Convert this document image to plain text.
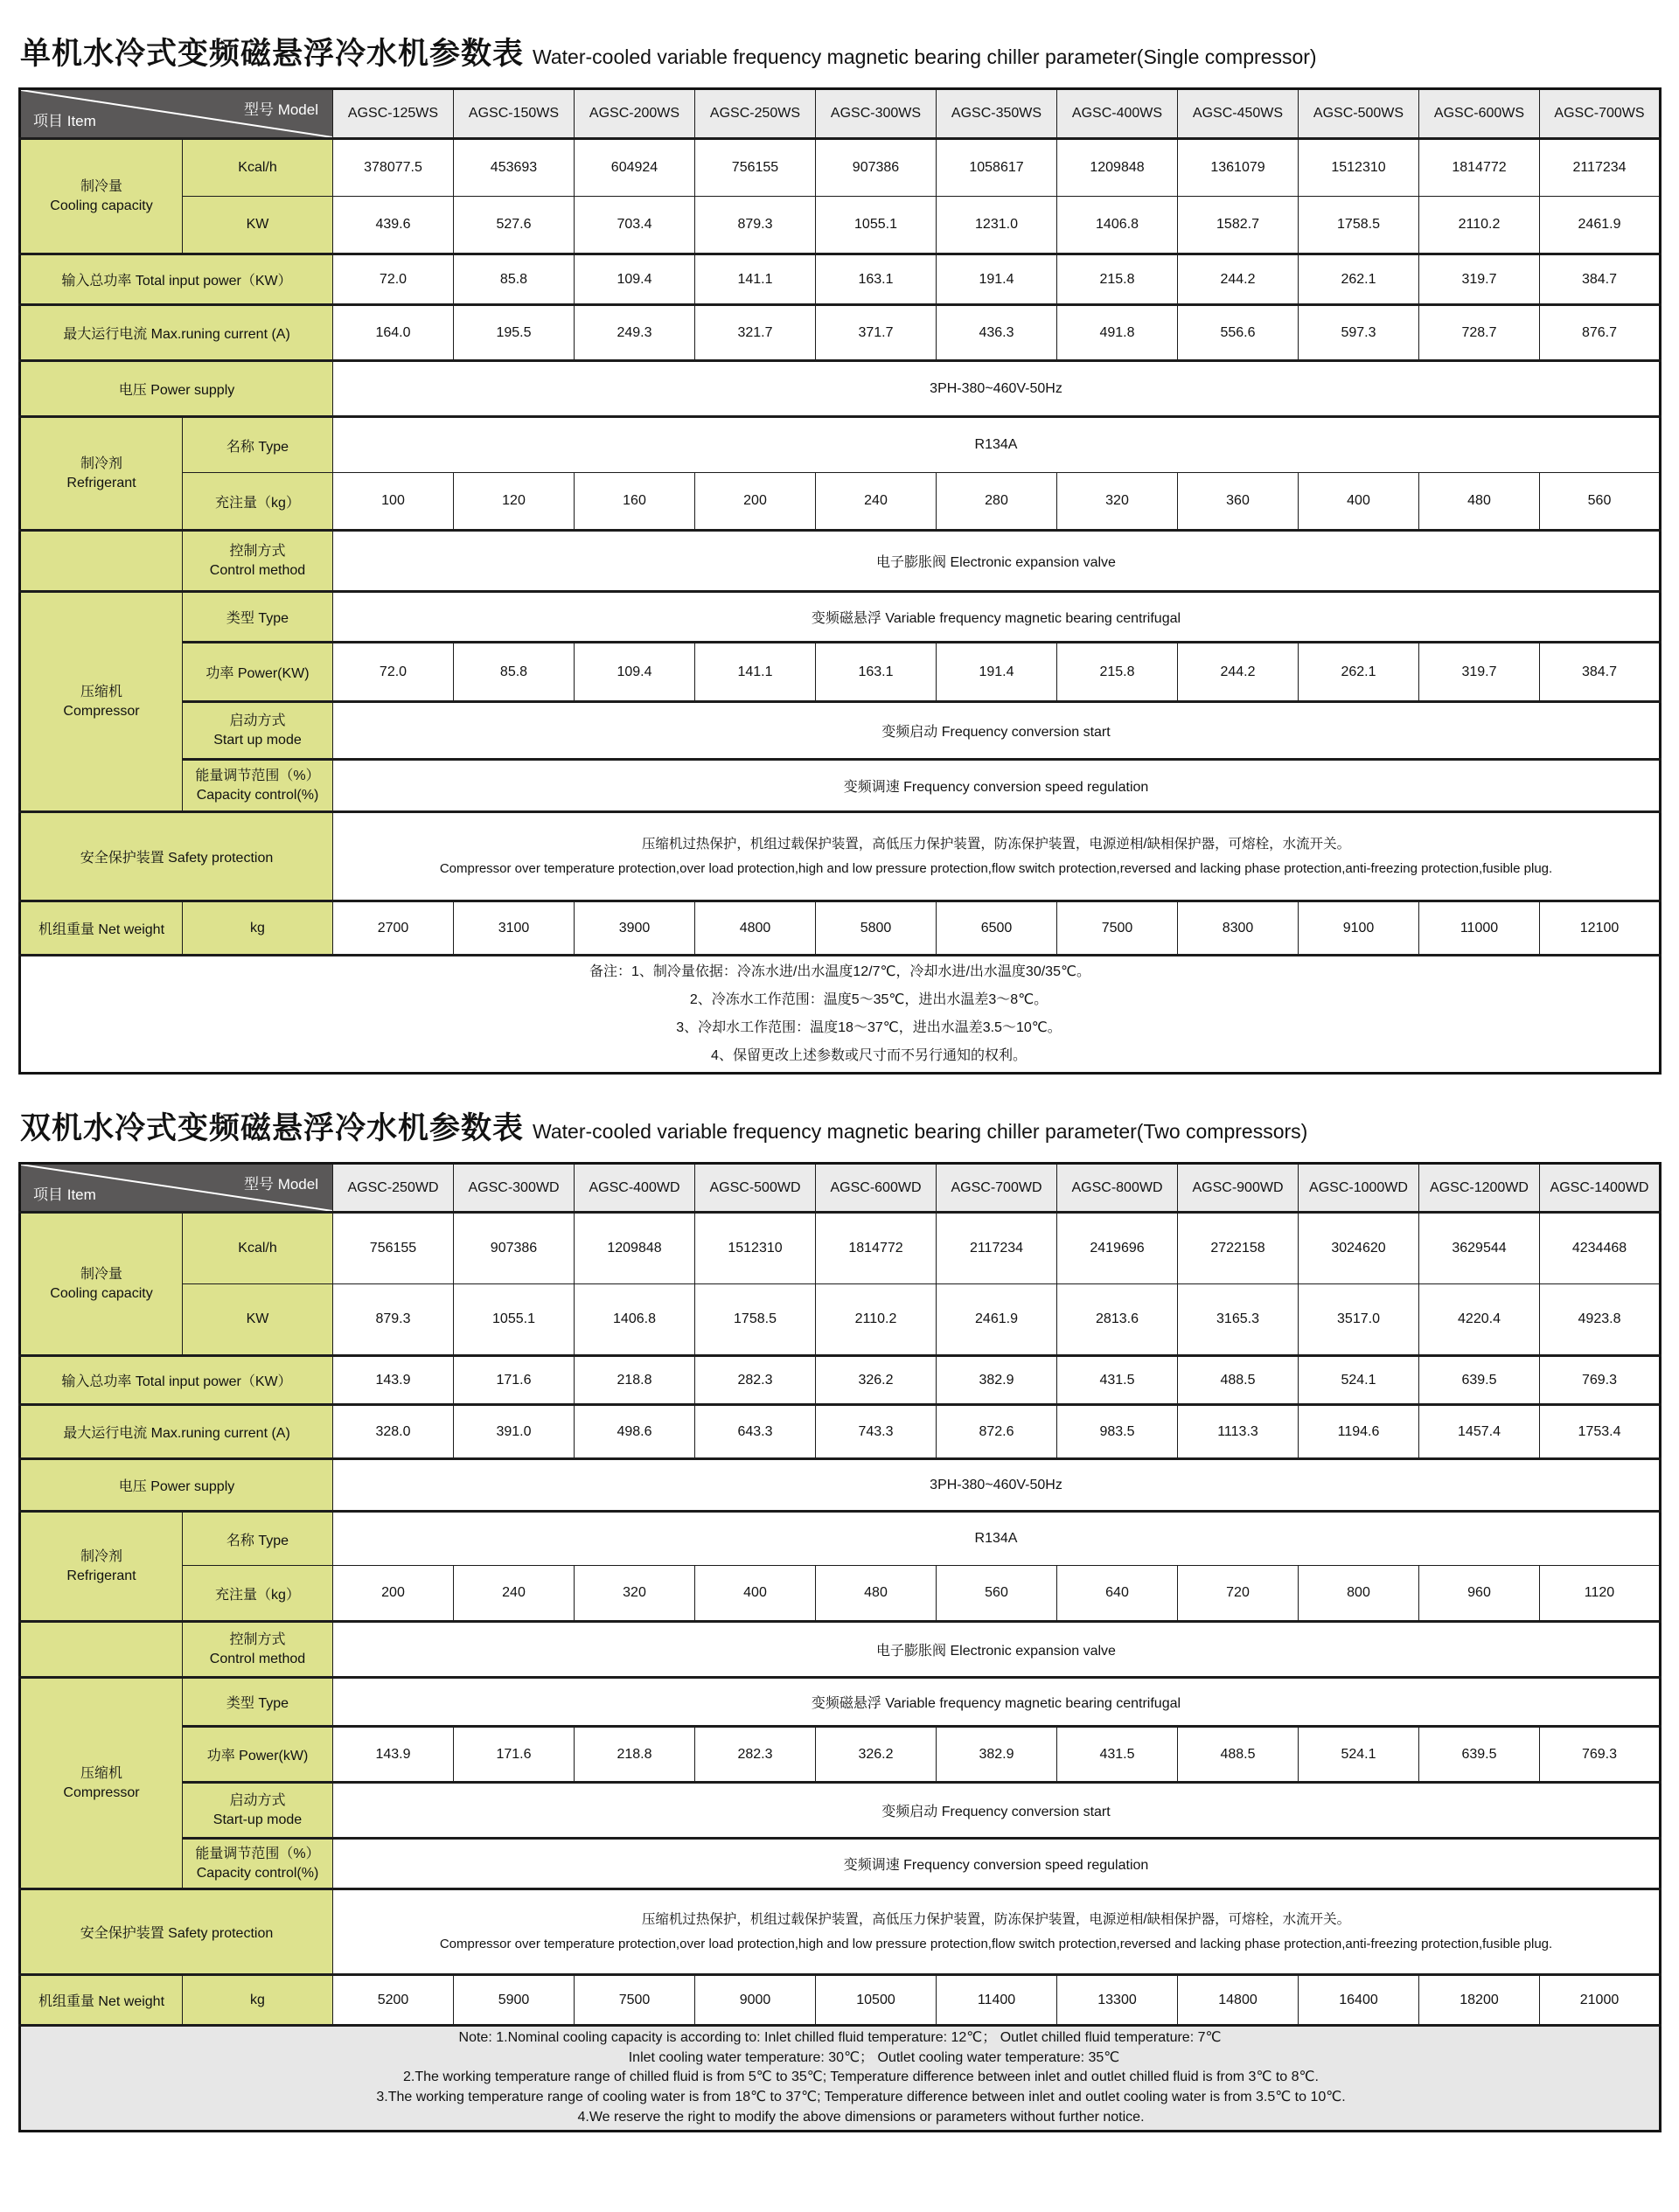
单机水冷式变频磁悬浮冷水机参数表 Water-cooled variable frequency magnetic bearing chiller parameter(Single compressor)
型号 Model
项目 Item		AGSC-125WS	AGSC-150WS	AGSC-200WS	AGSC-250WS	AGSC-300WS	AGSC-350WS	AGSC-400WS	AGSC-450WS	AGSC-500WS	AGSC-600WS	AGSC-700WS

制冷量
Cooling capacity	Kcal/h	378077.5	453693	604924	756155	907386	1058617	1209848	1361079	1512310	1814772	2117234
	KW	439.6	527.6	703.4	879.3	1055.1	1231.0	1406.8	1582.7	1758.5	2110.2	2461.9
输入总功率 Total input power（KW）		72.0	85.8	109.4	141.1	163.1	191.4	215.8	244.2	262.1	319.7	384.7
最大运行电流 Max.runing current (A)		164.0	195.5	249.3	321.7	371.7	436.3	491.8	556.6	597.3	728.7	876.7
电压 Power supply		3PH-380~460V-50Hz										

制冷剂
Refrigerant	名称 Type	R134A										
	充注量（kg）	100	120	160	200	240	280	320	360	400	480	560

	控制方式
Control method	电子膨胀阀 Electronic expansion valve										

压缩机
Compressor	类型 Type	变频磁悬浮 Variable frequency magnetic bearing centrifugal										
	功率 Power(KW)	72.0	85.8	109.4	141.1	163.1	191.4	215.8	244.2	262.1	319.7	384.7

	启动方式
Start up mode	变频启动 Frequency conversion start										

	能量调节范围（%）
Capacity control(%)	变频调速 Frequency conversion speed regulation										
安全保护装置 Safety protection		压缩机过热保护，机组过载保护装置，高低压力保护装置，防冻保护装置，电源逆相/缺相保护器，可熔栓，水流开关。
Compressor over temperature protection,over load protection,high and low pressure protection,flow switch protection,reversed and lacking phase protection,anti-freezing protection,fusible plug.										

机组重量 Net weight	kg	2700	3100	3900	4800	5800	6500	7500	8300	9100	11000	12100

备注：1、制冷量依据：冷冻水进/出水温度12/7℃，冷却水进/出水温度30/35℃。
2、冷冻水工作范围：温度5～35℃，进出水温差3～8℃。
3、冷却水工作范围：温度18～37℃，进出水温差3.5～10℃。
4、保留更改上述参数或尺寸而不另行通知的权利。												
双机水冷式变频磁悬浮冷水机参数表 Water-cooled variable frequency magnetic bearing chiller parameter(Two compressors)
型号 Model
项目 Item		AGSC-250WD	AGSC-300WD	AGSC-400WD	AGSC-500WD	AGSC-600WD	AGSC-700WD	AGSC-800WD	AGSC-900WD	AGSC-1000WD	AGSC-1200WD	AGSC-1400WD

制冷量
Cooling capacity	Kcal/h	756155	907386	1209848	1512310	1814772	2117234	2419696	2722158	3024620	3629544	4234468
	KW	879.3	1055.1	1406.8	1758.5	2110.2	2461.9	2813.6	3165.3	3517.0	4220.4	4923.8
输入总功率 Total input power（KW）		143.9	171.6	218.8	282.3	326.2	382.9	431.5	488.5	524.1	639.5	769.3
最大运行电流 Max.runing current (A)		328.0	391.0	498.6	643.3	743.3	872.6	983.5	1113.3	1194.6	1457.4	1753.4
电压 Power supply		3PH-380~460V-50Hz										

制冷剂
Refrigerant	名称 Type	R134A										
	充注量（kg）	200	240	320	400	480	560	640	720	800	960	1120

	控制方式
Control method	电子膨胀阀 Electronic expansion valve										

压缩机
Compressor	类型 Type	变频磁悬浮 Variable frequency magnetic bearing centrifugal										
	功率 Power(kW)	143.9	171.6	218.8	282.3	326.2	382.9	431.5	488.5	524.1	639.5	769.3

	启动方式
Start-up mode	变频启动 Frequency conversion start										

	能量调节范围（%）
Capacity control(%)	变频调速 Frequency conversion speed regulation										
安全保护装置 Safety protection		压缩机过热保护，机组过载保护装置，高低压力保护装置，防冻保护装置，电源逆相/缺相保护器，可熔栓，水流开关。
Compressor over temperature protection,over load protection,high and low pressure protection,flow switch protection,reversed and lacking phase protection,anti-freezing protection,fusible plug.										

机组重量 Net weight	kg	5200	5900	7500	9000	10500	11400	13300	14800	16400	18200	21000

Note: 1.Nominal cooling capacity is according to: Inlet chilled fluid temperature: 12℃； Outlet chilled fluid temperature: 7℃
Inlet cooling water temperature: 30℃； Outlet cooling water temperature: 35℃
2.The working temperature range of chilled fluid is from 5℃ to 35℃; Temperature difference between inlet and outlet chilled fluid is from 3℃ to 8℃.
3.The working temperature range of cooling water is from 18℃ to 37℃; Temperature difference between inlet and outlet cooling water is from 3.5℃ to 10℃.
4.We reserve the right to modify the above dimensions or parameters without further notice.												
